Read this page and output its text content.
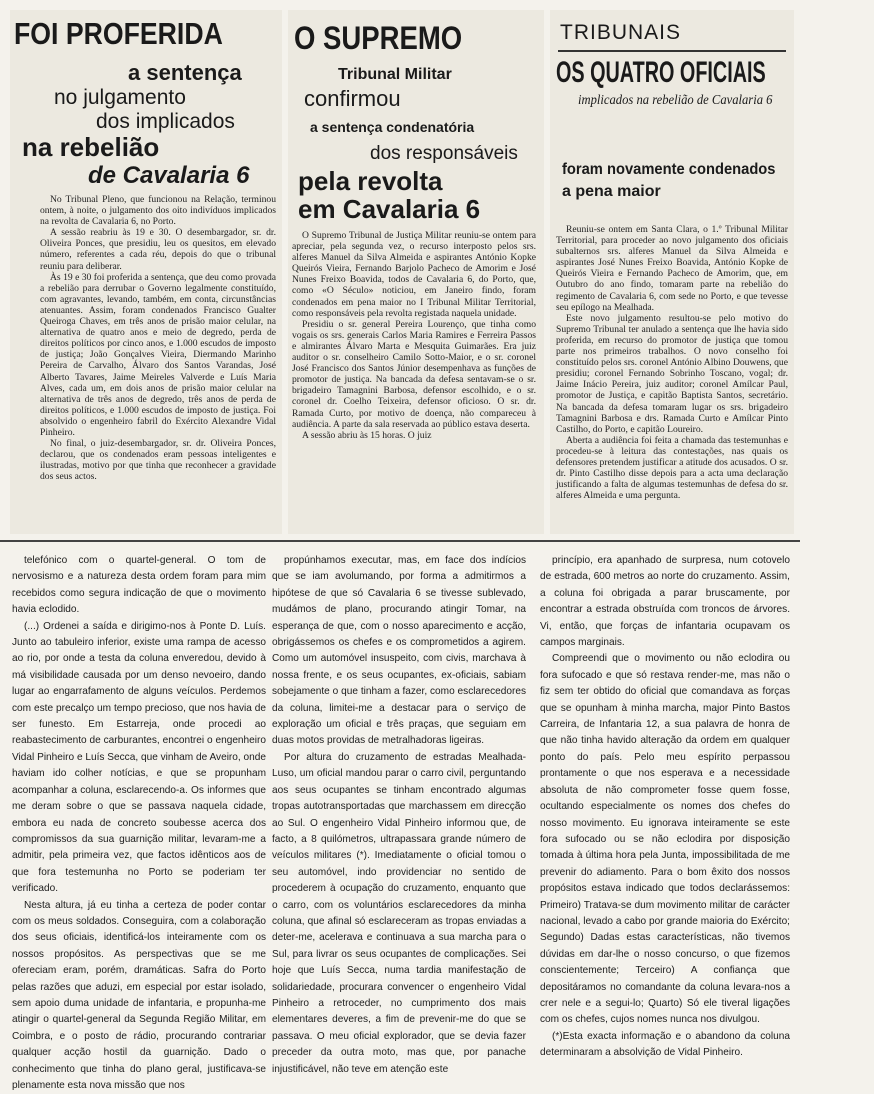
FOI PROFERIDA
a sentença
no julgamento
dos implicados
na rebelião
de Cavalaria 6

No Tribunal Pleno, que funcionou na Relação, terminou ontem, à noite, o julgamento dos oito indivíduos implicados na revolta de Cavalaria 6, no Porto.

A sessão reabriu às 19 e 30. O desembargador, sr. dr. Oliveira Ponces, que presidiu, leu os quesitos, em elevado número, referentes a cada réu, depois do que o tribunal reuniu para deliberar.

Às 19 e 30 foi proferida a sentença, que deu como provada a rebelião para derrubar o Governo legalmente constituído, com agravantes, levando, também, em conta, circunstâncias atenuantes. Assim, foram condenados Francisco Gualter Queiroga Chaves, em três anos de prisão maior celular, na alternativa de quatro anos e meio de degredo, perda de direitos políticos por cinco anos, e 1.000 escudos de imposto de justiça; João Gonçalves Vieira, Diermando Marinho Pereira de Carvalho, Álvaro dos Santos Varandas, José Alberto Tavares, Jaime Meireles Valverde e Luís Maria Alves, cada um, em dois anos de prisão maior celular na alternativa de três anos de degredo, três anos de perda de direitos políticos, e 1.000 escudos de imposto de justiça. Foi absolvido o engenheiro fabril do Exército Alexandre Vidal Pinheiro.

No final, o juiz-desembargador, sr. dr. Oliveira Ponces, declarou, que os condenados eram pessoas inteligentes e ilustradas, motivo por que tinha que reconhecer a gravidade dos seus actos.

O SUPREMO
Tribunal Militar
confirmou
a sentença condenatória
dos responsáveis
pela revolta
em Cavalaria 6

O Supremo Tribunal de Justiça Militar reuniu-se ontem para apreciar, pela segunda vez, o recurso interposto pelos srs. alferes Manuel da Silva Almeida e aspirantes António Kopke Queirós Vieira, Fernando Barjolo Pacheco de Amorim e José Nunes Freixo Boavida, todos de Cavalaria 6, do Porto, que, como «O Século» noticiou, em Janeiro findo, foram condenados em pena maior no I Tribunal Militar Territorial, como responsáveis pela revolta registada naquela unidade.

Presidiu o sr. general Pereira Lourenço, que tinha como vogais os srs. generais Carlos Maria Ramires e Ferreira Passos e almirantes Álvaro Marta e Mesquita Guimarães. Era juiz auditor o sr. conselheiro Camilo Sotto-Maior, e o sr. coronel José Francisco dos Santos Júnior desempenhava as funções de promotor de justiça. Na bancada da defesa sentavam-se o sr. brigadeiro Tamagnini Barbosa, defensor escolhido, e o sr. coronel dr. Coelho Teixeira, defensor oficioso. O sr. dr. Ramada Curto, por motivo de doença, não compareceu à audiência. A parte da sala reservada ao público estava deserta.

A sessão abriu às 15 horas. O juiz

TRIBUNAIS
OS QUATRO OFICIAIS
implicados na rebelião de Cavalaria 6
foram novamente condenados
a pena maior

Reuniu-se ontem em Santa Clara, o 1.º Tribunal Militar Territorial, para proceder ao novo julgamento dos oficiais subalternos srs. alferes Manuel da Silva Almeida e aspirantes José Nunes Freixo Boavida, António Kopke de Queirós Vieira e Fernando Pacheco de Amorim, que, em Outubro do ano findo, tomaram parte na rebelião do regimento de Cavalaria 6, com sede no Porto, e que tevesse seu epílogo na Mealhada.

Este novo julgamento resultou-se pelo motivo do Supremo Tribunal ter anulado a sentença que lhe havia sido proferida, em recurso do promotor de justiça que tomou parte nos primeiros trabalhos. O novo conselho foi constituído pelos srs. coronel António Albino Douwens, que presidiu; coronel Fernando Sobrinho Toscano, vogal; dr. Jaime Inácio Pereira, juiz auditor; coronel Amílcar Paul, promotor de Justiça, e capitão Baptista Santos, secretário. Na bancada da defesa tomaram lugar os srs. brigadeiro Tamagnini Barbosa e drs. Ramada Curto e Amílcar Pinto Castilho, do Porto, e capitão Loureiro.

Aberta a audiência foi feita a chamada das testemunhas e procedeu-se à leitura das contestações, nas quais os defensores pretendem justificar a atitude dos acusados. O sr. dr. Pinto Castilho disse depois para a acta uma declaração justificando a falta de algumas testemunhas de defesa do sr. alferes Almeida e uma pergunta.

telefónico com o quartel-general. O tom de nervosismo e a natureza desta ordem foram para mim recebidos como segura indicação de que o movimento havia eclodido.

(...) Ordenei a saída e dirigimo-nos à Ponte D. Luís. Junto ao tabuleiro inferior, existe uma rampa de acesso ao rio, por onde a testa da coluna enveredou, devido à má visibilidade causada por um denso nevoeiro, dando lugar ao engarrafamento de alguns veículos. Perdemos com este precalço um tempo precioso, que nos havia de ser funesto. Em Estarreja, onde procedi ao reabastecimento de carburantes, encontrei o engenheiro Vidal Pinheiro e Luís Secca, que vinham de Aveiro, onde haviam ido colher notícias, e que se propunham acompanhar a coluna, esclarecendo-a. Os informes que me deram sobre o que se passava naquela cidade, embora eu nada de concreto soubesse acerca dos compromissos da sua guarnição militar, levaram-me a admitir, pela primeira vez, que factos idênticos aos de que fora testemunha no Porto se poderiam ter verificado.

Nesta altura, já eu tinha a certeza de poder contar com os meus soldados. Conseguira, com a colaboração dos seus oficiais, identificá-los inteiramente com os nossos propósitos. As perspectivas que se me ofereciam eram, porém, dramáticas. Safra do Porto pelas razões que aduzi, em especial por estar isolado, sem apoio duma unidade de infantaria, e propunha-me atingir o quartel-general da Segunda Região Militar, em Coimbra, e o posto de rádio, procurando contrariar qualquer acção hostil da guarnição. Dado o conhecimento que tinha do plano geral, justificava-se plenamente esta nova missão que nos

propúnhamos executar, mas, em face dos indícios que se iam avolumando, por forma a admitirmos a hipótese de que só Cavalaria 6 se tivesse sublevado, mudámos de plano, procurando atingir Tomar, na esperança de que, com o nosso aparecimento e acção, obrigássemos os chefes e os comprometidos a agirem. Como um automóvel insuspeito, com civis, marchava à nossa frente, e os seus ocupantes, ex-oficiais, sabiam sobejamente o que tinham a fazer, como esclarecedores da coluna, limitei-me a destacar para o serviço de exploração um oficial e três praças, que seguiam em duas motos providas de metralhadoras ligeiras.

Por altura do cruzamento de estradas Mealhada-Luso, um oficial mandou parar o carro civil, perguntando aos seus ocupantes se tinham encontrado algumas tropas autotransportadas que marchassem em direcção ao Sul. O engenheiro Vidal Pinheiro informou que, de facto, a 8 quilómetros, ultrapassara grande número de veículos militares (*). Imediatamente o oficial tomou o seu automóvel, indo providenciar no sentido de procederem à ocupação do cruzamento, enquanto que o carro, com os voluntários esclarecedores da minha coluna, que afinal só esclareceram as tropas enviadas a deter-me, acelerava e continuava a sua marcha para o Sul, para livrar os seus ocupantes de complicações. Sei hoje que Luís Secca, numa tardia manifestação de solidariedade, procurara convencer o engenheiro Vidal Pinheiro a retroceder, no cumprimento dos mais elementares deveres, a fim de prevenir-me do que se passava. O meu oficial explorador, que se devia fazer preceder da outra moto, mas que, por panache injustificável, não teve em atenção este

princípio, era apanhado de surpresa, num cotovelo de estrada, 600 metros ao norte do cruzamento. Assim, a coluna foi obrigada a parar bruscamente, por encontrar a estrada obstruída com troncos de árvores. Vi, então, que forças de infantaria ocupavam os campos marginais.

Compreendi que o movimento ou não eclodira ou fora sufocado e que só restava render-me, mas não o fiz sem ter obtido do oficial que comandava as forças que se opunham à minha marcha, major Pinto Bastos Carreira, de Infantaria 12, a sua palavra de honra de que não tinha havido alteração da ordem em qualquer ponto do país. Pelo meu espírito perpassou prontamente o que nos esperava e a necessidade absoluta de não comprometer fosse quem fosse, ocultando especialmente os nomes dos chefes do nosso movimento. Eu ignorava inteiramente se este fora sufocado ou se não eclodira por disposição tomada à última hora pela Junta, impossibilitada de me prevenir do adiamento. Para o bom êxito dos nossos propósitos estava indicado que todos declarássemos: Primeiro) Tratava-se dum movimento militar de carácter nacional, levado a cabo por grande maioria do Exército; Segundo) Dadas estas características, não tivemos dúvidas em dar-lhe o nosso concurso, o que fizemos conscientemente; Terceiro) A confiança que depositáramos no comandante da coluna levara-nos a crer nele e a segui-lo; Quarto) Só ele tiveral ligações com os chefes, cujos nomes nunca nos divulgou.

(*)Esta exacta informação e o abandono da coluna determinaram a absolvição de Vidal Pinheiro.
